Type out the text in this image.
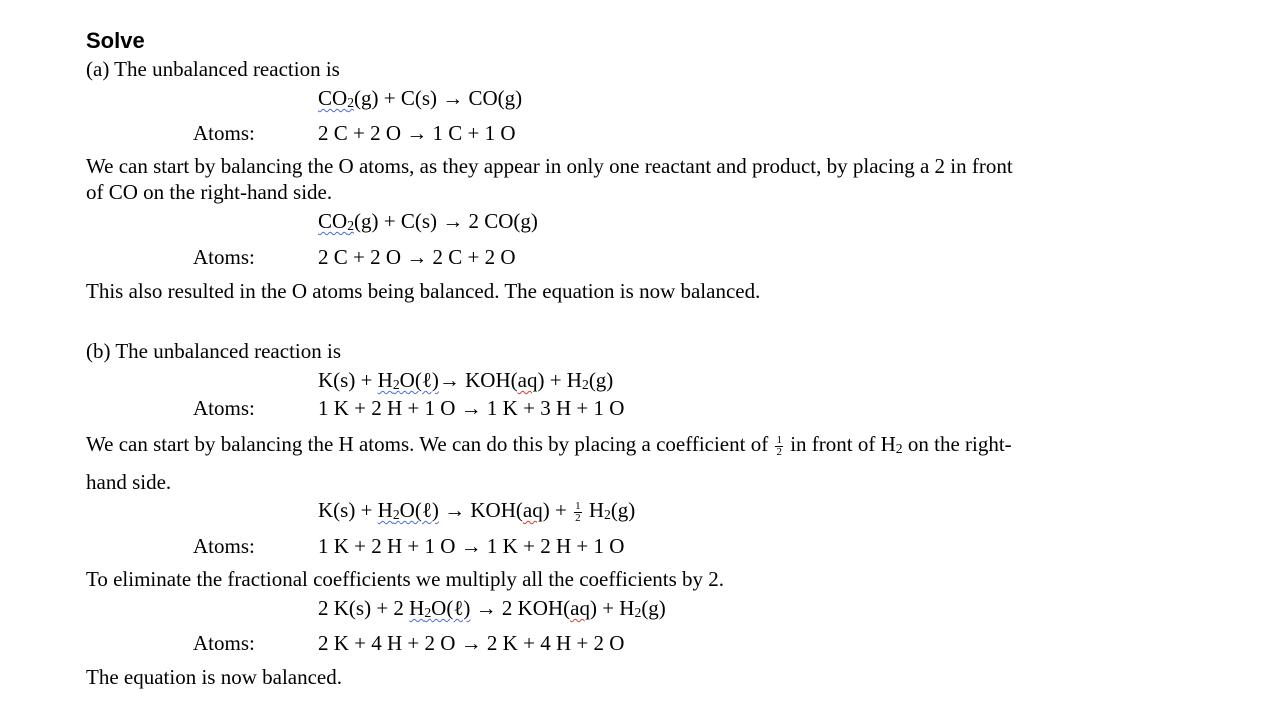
Solve
(a) The unbalanced reaction is
$CO_2(g) + C(s) \to CO(g)$
Atoms:	2 C + 2 O → 1 C + 1 O
We can start by balancing the O atoms, as they appear in only one reactant and product, by placing a 2 in front
of CO on the right-hand side.
$CO_2(g) + C(s) \to 2$ CO(g)
Atoms:	2 C + 2 O → 2 C + 2 O
This also resulted in the O atoms being balanced. The equation is now balanced.
(b) The unbalanced reaction is
$K(s) + H_2O(\ell)\to KOH(aq) + H_2(g)$
Atoms:	1 K + 2 H + 1 O → 1 K + 3 H + 1 O
We can start by balancing the H atoms. We can do this by placing a coefficient of $\frac{1}{2}$ in front of $H_2$ on the right-
hand side.
$K(s) + H_2O(\ell) \to KOH(aq) + \frac{1}{2} H_2(g)$
Atoms:	1 K + 2 H + 1 O → 1 K + 2 H + 1 O
To eliminate the fractional coefficients we multiply all the coefficients by 2.
2 K(s) + 2 $H_2O(\ell) \to 2$ $KOH(aq) + H_2(g)$
Atoms:	2 K + 4 H + 2 O → 2 K + 4 H + 2 O
The equation is now balanced.
